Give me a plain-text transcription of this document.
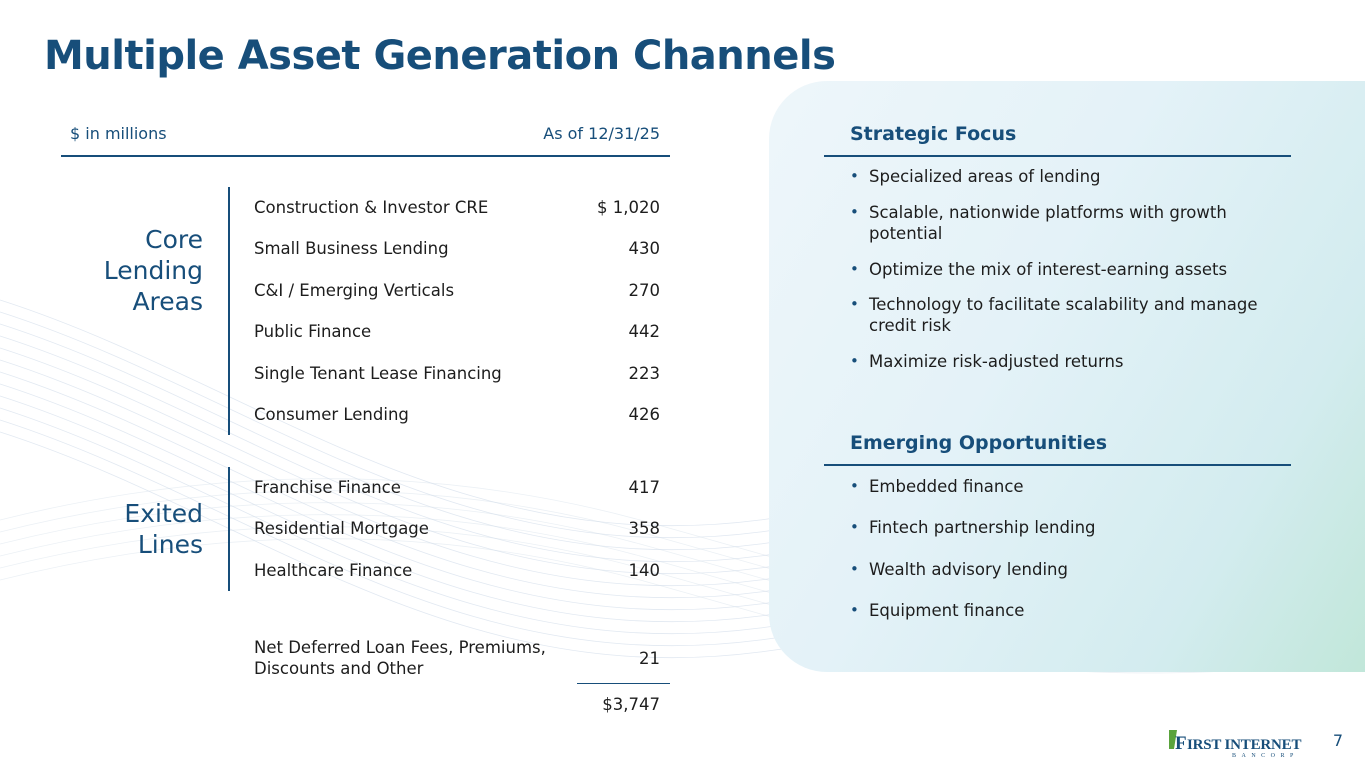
Multiple Asset Generation Channels
$ in millions	As of 12/31/25
Core
Lending
Areas
Construction & Investor CRE	$ 1,020
Small Business Lending	430
C&I / Emerging Verticals	270
Public Finance	442
Single Tenant Lease Financing	223
Consumer Lending	426
Exited
Lines
Franchise Finance	417
Residential Mortgage	358
Healthcare Finance	140
Net Deferred Loan Fees, Premiums,
Discounts and Other
21
$3,747
Strategic Focus
• Specialized areas of lending
• Scalable, nationwide platforms with growth potential
• Optimize the mix of interest-earning assets
• Technology to facilitate scalability and manage credit risk
• Maximize risk-adjusted returns
Emerging Opportunities
• Embedded finance
• Fintech partnership lending
• Wealth advisory lending
• Equipment finance
F IRST INTERNET
BANCORP
7
